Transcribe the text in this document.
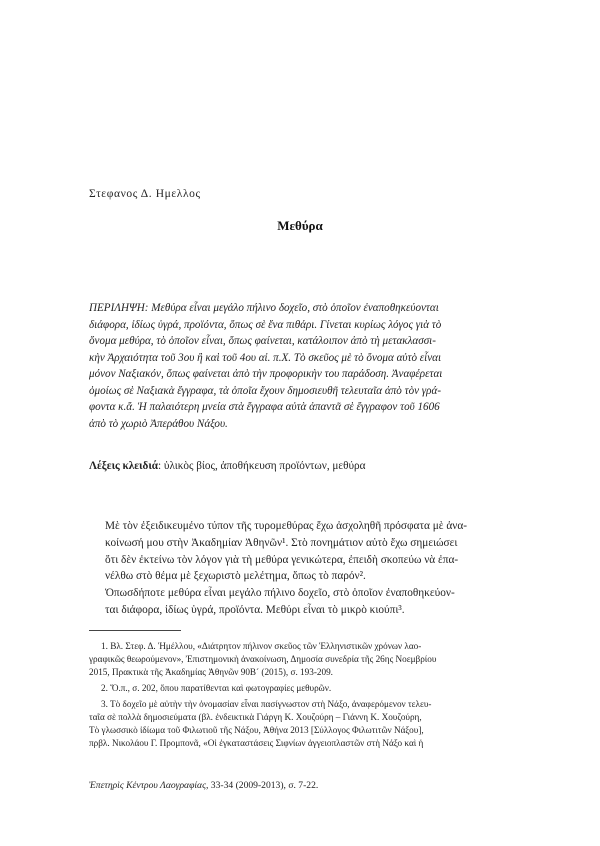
Στεφανος Δ. Ημελλος
Μεθύρα
ΠΕΡΙΛΗΨΗ: Μεθύρα εἶναι μεγάλο πήλινο δοχεῖο, στὸ ὁποῖον ἐναποθηκεύονται
διάφορα, ἰδίως ὑγρά, προϊόντα, ὅπως σὲ ἕνα πιθάρι. Γίνεται κυρίως λόγος γιὰ τὸ
ὄνομα μεθύρα, τὸ ὁποῖον εἶναι, ὅπως φαίνεται, κατάλοιπον ἀπὸ τὴ μετακλασσι-
κὴν Ἀρχαιότητα τοῦ 3ου ἢ καὶ τοῦ 4ου αἰ. π.Χ. Τὸ σκεῦος μὲ τὸ ὄνομα αὐτὸ εἶναι
μόνον Ναξιακόν, ὅπως φαίνεται ἀπὸ τὴν προφορικὴν του παράδοση. Ἀναφέρεται
ὁμοίως σὲ Ναξιακὰ ἔγγραφα, τὰ ὁποῖα ἔχουν δημοσιευθῆ τελευταῖα ἀπὸ τὸν γρά-
φοντα κ.ἄ. Ἡ παλαιότερη μνεία στὰ ἔγγραφα αὐτὰ ἀπαντᾶ σὲ ἔγγραφον τοῦ 1606
ἀπὸ τὸ χωριὸ Ἀπεράθου Νάξου.
Λέξεις κλειδιά: ὑλικὸς βίος, ἀποθήκευση προϊόντων, μεθύρα
Μὲ τὸν ἐξειδικευμένο τύπον τῆς τυρομεθύρας ἔχω ἀσχοληθῆ πρόσφατα μὲ ἀνα-
κοίνωσή μου στὴν Ἀκαδημίαν Ἀθηνῶν¹. Στὸ πονημάτιον αὐτὸ ἔχω σημειώσει
ὅτι δὲν ἐκτείνω τὸν λόγον γιὰ τὴ μεθύρα γενικώτερα, ἐπειδὴ σκοπεύω νὰ ἐπα-
νέλθω στὸ θέμα μὲ ξεχωριστὸ μελέτημα, ὅπως τὸ παρόν².
Ὁπωσδήποτε μεθύρα εἶναι μεγάλο πήλινο δοχεῖο, στὸ ὁποῖον ἐναποθηκεύον-
ται διάφορα, ἰδίως ὑγρά, προϊόντα. Μεθύρι εἶναι τὸ μικρὸ κιούπι³.
1. Βλ. Στεφ. Δ. Ἡμέλλου, «Διάτρητον πήλινον σκεῦος τῶν Ἑλληνιστικῶν χρόνων λαο-
γραφικῶς θεωρούμενον», Ἐπιστημονικὴ ἀνακοίνωση, Δημοσία συνεδρία τῆς 26ης Νοεμβρίου
2015, Πρακτικὰ τῆς Ἀκαδημίας Ἀθηνῶν 90Β´ (2015), σ. 193-209.
2. Ὅ.π., σ. 202, ὅπου παρατίθενται καὶ φωτογραφίες μεθυρῶν.
3. Τὸ δοχεῖο μὲ αὐτὴν τὴν ὀνομασίαν εἶναι πασίγνωστον στὴ Νάξο, ἀναφερόμενον τελευ-
ταῖα σὲ πολλὰ δημοσιεύματα (βλ. ἐνδεικτικὰ Γιάργη Κ. Χουζούρη – Γιάννη Κ. Χουζούρη,
Τὸ γλωσσικὸ ἰδίωμα τοῦ Φιλωτιοῦ τῆς Νάξου, Ἀθήνα 2013 [Σύλλογος Φιλωτιτῶν Νάξου],
πρβλ. Νικολάου Γ. Προμπονᾶ, «Οἱ ἐγκαταστάσεις Σιφνίων ἀγγειοπλαστῶν στὴ Νάξο καὶ ἡ
Ἐπετηρὶς Κέντρου Λαογραφίας, 33-34 (2009-2013), σ. 7-22.
